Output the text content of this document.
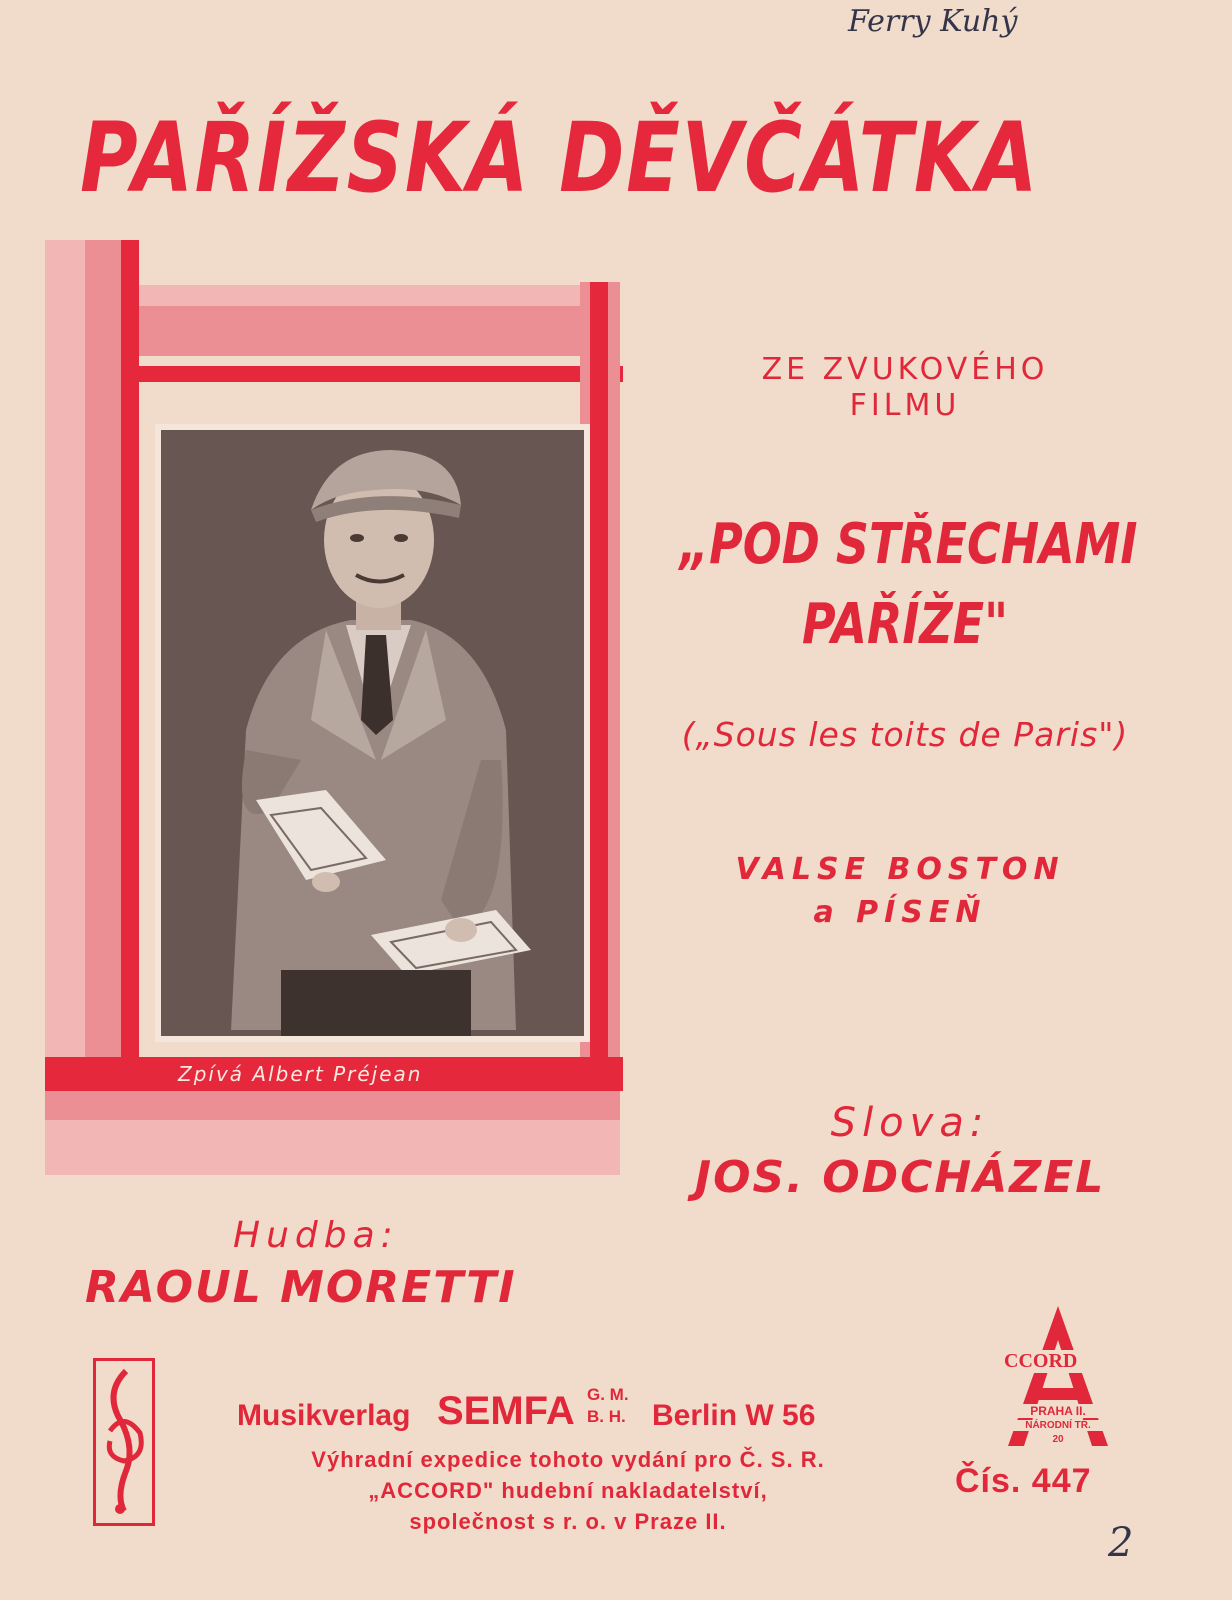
Ferry Kuhý
PAŘÍŽSKÁ DĚVČÁTKA
Zpívá Albert Préjean
ZE ZVUKOVÉHO
FILMU
„POD STŘECHAMI
PAŘÍŽE"
(„Sous les toits de Paris")
VALSE BOSTON
a PÍSEŇ
Slova:
JOS. ODCHÁZEL
Hudba:
RAOUL MORETTI
Musikverlag SEMFA G. M.
B. H. Berlin W 56
Výhradní expedice tohoto vydání pro Č. S. R.
„ACCORD" hudební nakladatelství,
společnost s r. o. v Praze II.
CCORD
PRAHA II.
NÁRODNÍ TŘ.
20
Čís. 447
2
